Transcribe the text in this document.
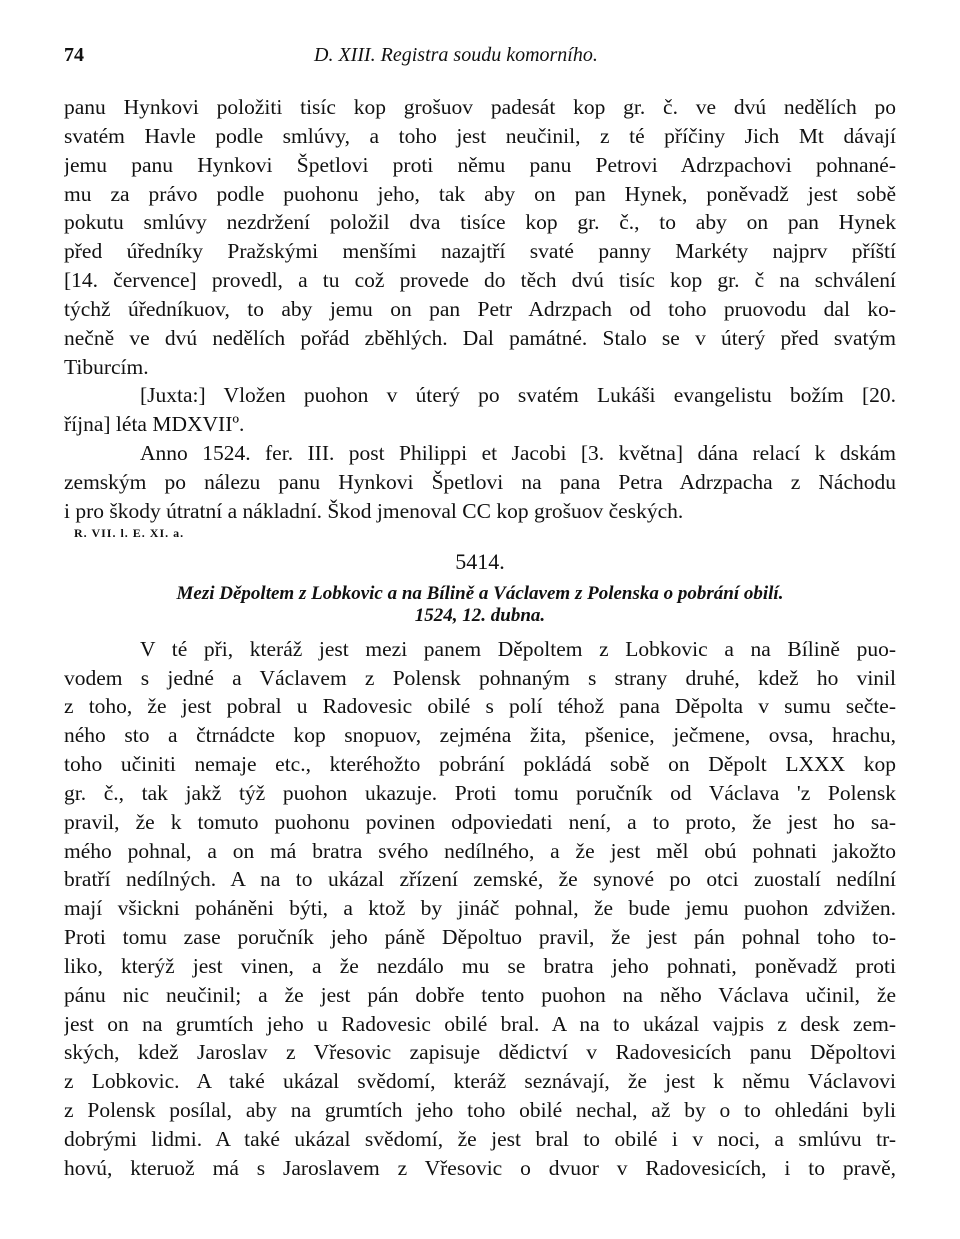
74	D. XIII. Registra soudu komorního.
panu Hynkovi položiti tisíc kop grošuov padesát kop gr. č. ve dvú nedělích po
svatém Havle podle smlúvy, a toho jest neučinil, z té příčiny Jich Mt dávají
jemu panu Hynkovi Špetlovi proti němu panu Petrovi Adrzpachovi pohnané-
mu za právo podle puohonu jeho, tak aby on pan Hynek, poněvadž jest sobě
pokutu smlúvy nezdržení položil dva tisíce kop gr. č., to aby on pan Hynek
před úředníky Pražskými menšími nazajtří svaté panny Markéty najprv příští
[14. července] provedl, a tu což provede do těch dvú tisíc kop gr. č na schválení
týchž úředníkuov, to aby jemu on pan Petr Adrzpach od toho pruovodu dal ko-
nečně ve dvú nedělích pořád zběhlých. Dal památné. Stalo se v úterý před svatým
Tiburcím.
[Juxta:] Vložen puohon v úterý po svatém Lukáši evangelistu božím [20.
října] léta MDXVIIº.
Anno 1524. fer. III. post Philippi et Jacobi [3. května] dána relací k dskám
zemským po nálezu panu Hynkovi Špetlovi na pana Petra Adrzpacha z Náchodu
i pro škody útratní a nákladní. Škod jmenoval CC kop grošuov českých.
R. VII. l. E. XI. a.
5414.
Mezi Děpoltem z Lobkovic a na Bílině a Václavem z Polenska o pobrání obilí.
1524, 12. dubna.
V té při, kteráž jest mezi panem Děpoltem z Lobkovic a na Bílině puo-
vodem s jedné a Václavem z Polensk pohnaným s strany druhé, kdež ho vinil
z toho, že jest pobral u Radovesic obilé s polí téhož pana Děpolta v sumu sečte-
ného sto a čtrnádcte kop snopuov, zejména žita, pšenice, ječmene, ovsa, hrachu,
toho učiniti nemaje etc., kteréhožto pobrání pokládá sobě on Děpolt LXXX kop
gr. č., tak jakž týž puohon ukazuje. Proti tomu poručník od Václava 'z Polensk
pravil, že k tomuto puohonu povinen odpoviedati není, a to proto, že jest ho sa-
mého pohnal, a on má bratra svého nedílného, a že jest měl obú pohnati jakožto
bratří nedílných. A na to ukázal zřízení zemské, že synové po otci zuostalí nedílní
mají všickni poháněni býti, a ktož by jináč pohnal, že bude jemu puohon zdvižen.
Proti tomu zase poručník jeho páně Děpoltuo pravil, že jest pán pohnal toho to-
liko, kterýž jest vinen, a že nezdálo mu se bratra jeho pohnati, poněvadž proti
pánu nic neučinil; a že jest pán dobře tento puohon na něho Václava učinil, že
jest on na grumtích jeho u Radovesic obilé bral. A na to ukázal vajpis z desk zem-
ských, kdež Jaroslav z Vřesovic zapisuje dědictví v Radovesicích panu Děpoltovi
z Lobkovic. A také ukázal svědomí, kteráž seznávají, že jest k němu Václavovi
z Polensk posílal, aby na grumtích jeho toho obilé nechal, až by o to ohledáni byli
dobrými lidmi. A také ukázal svědomí, že jest bral to obilé i v noci, a smlúvu tr-
hovú, kteruož má s Jaroslavem z Vřesovic o dvuor v Radovesicích, i to pravě,
